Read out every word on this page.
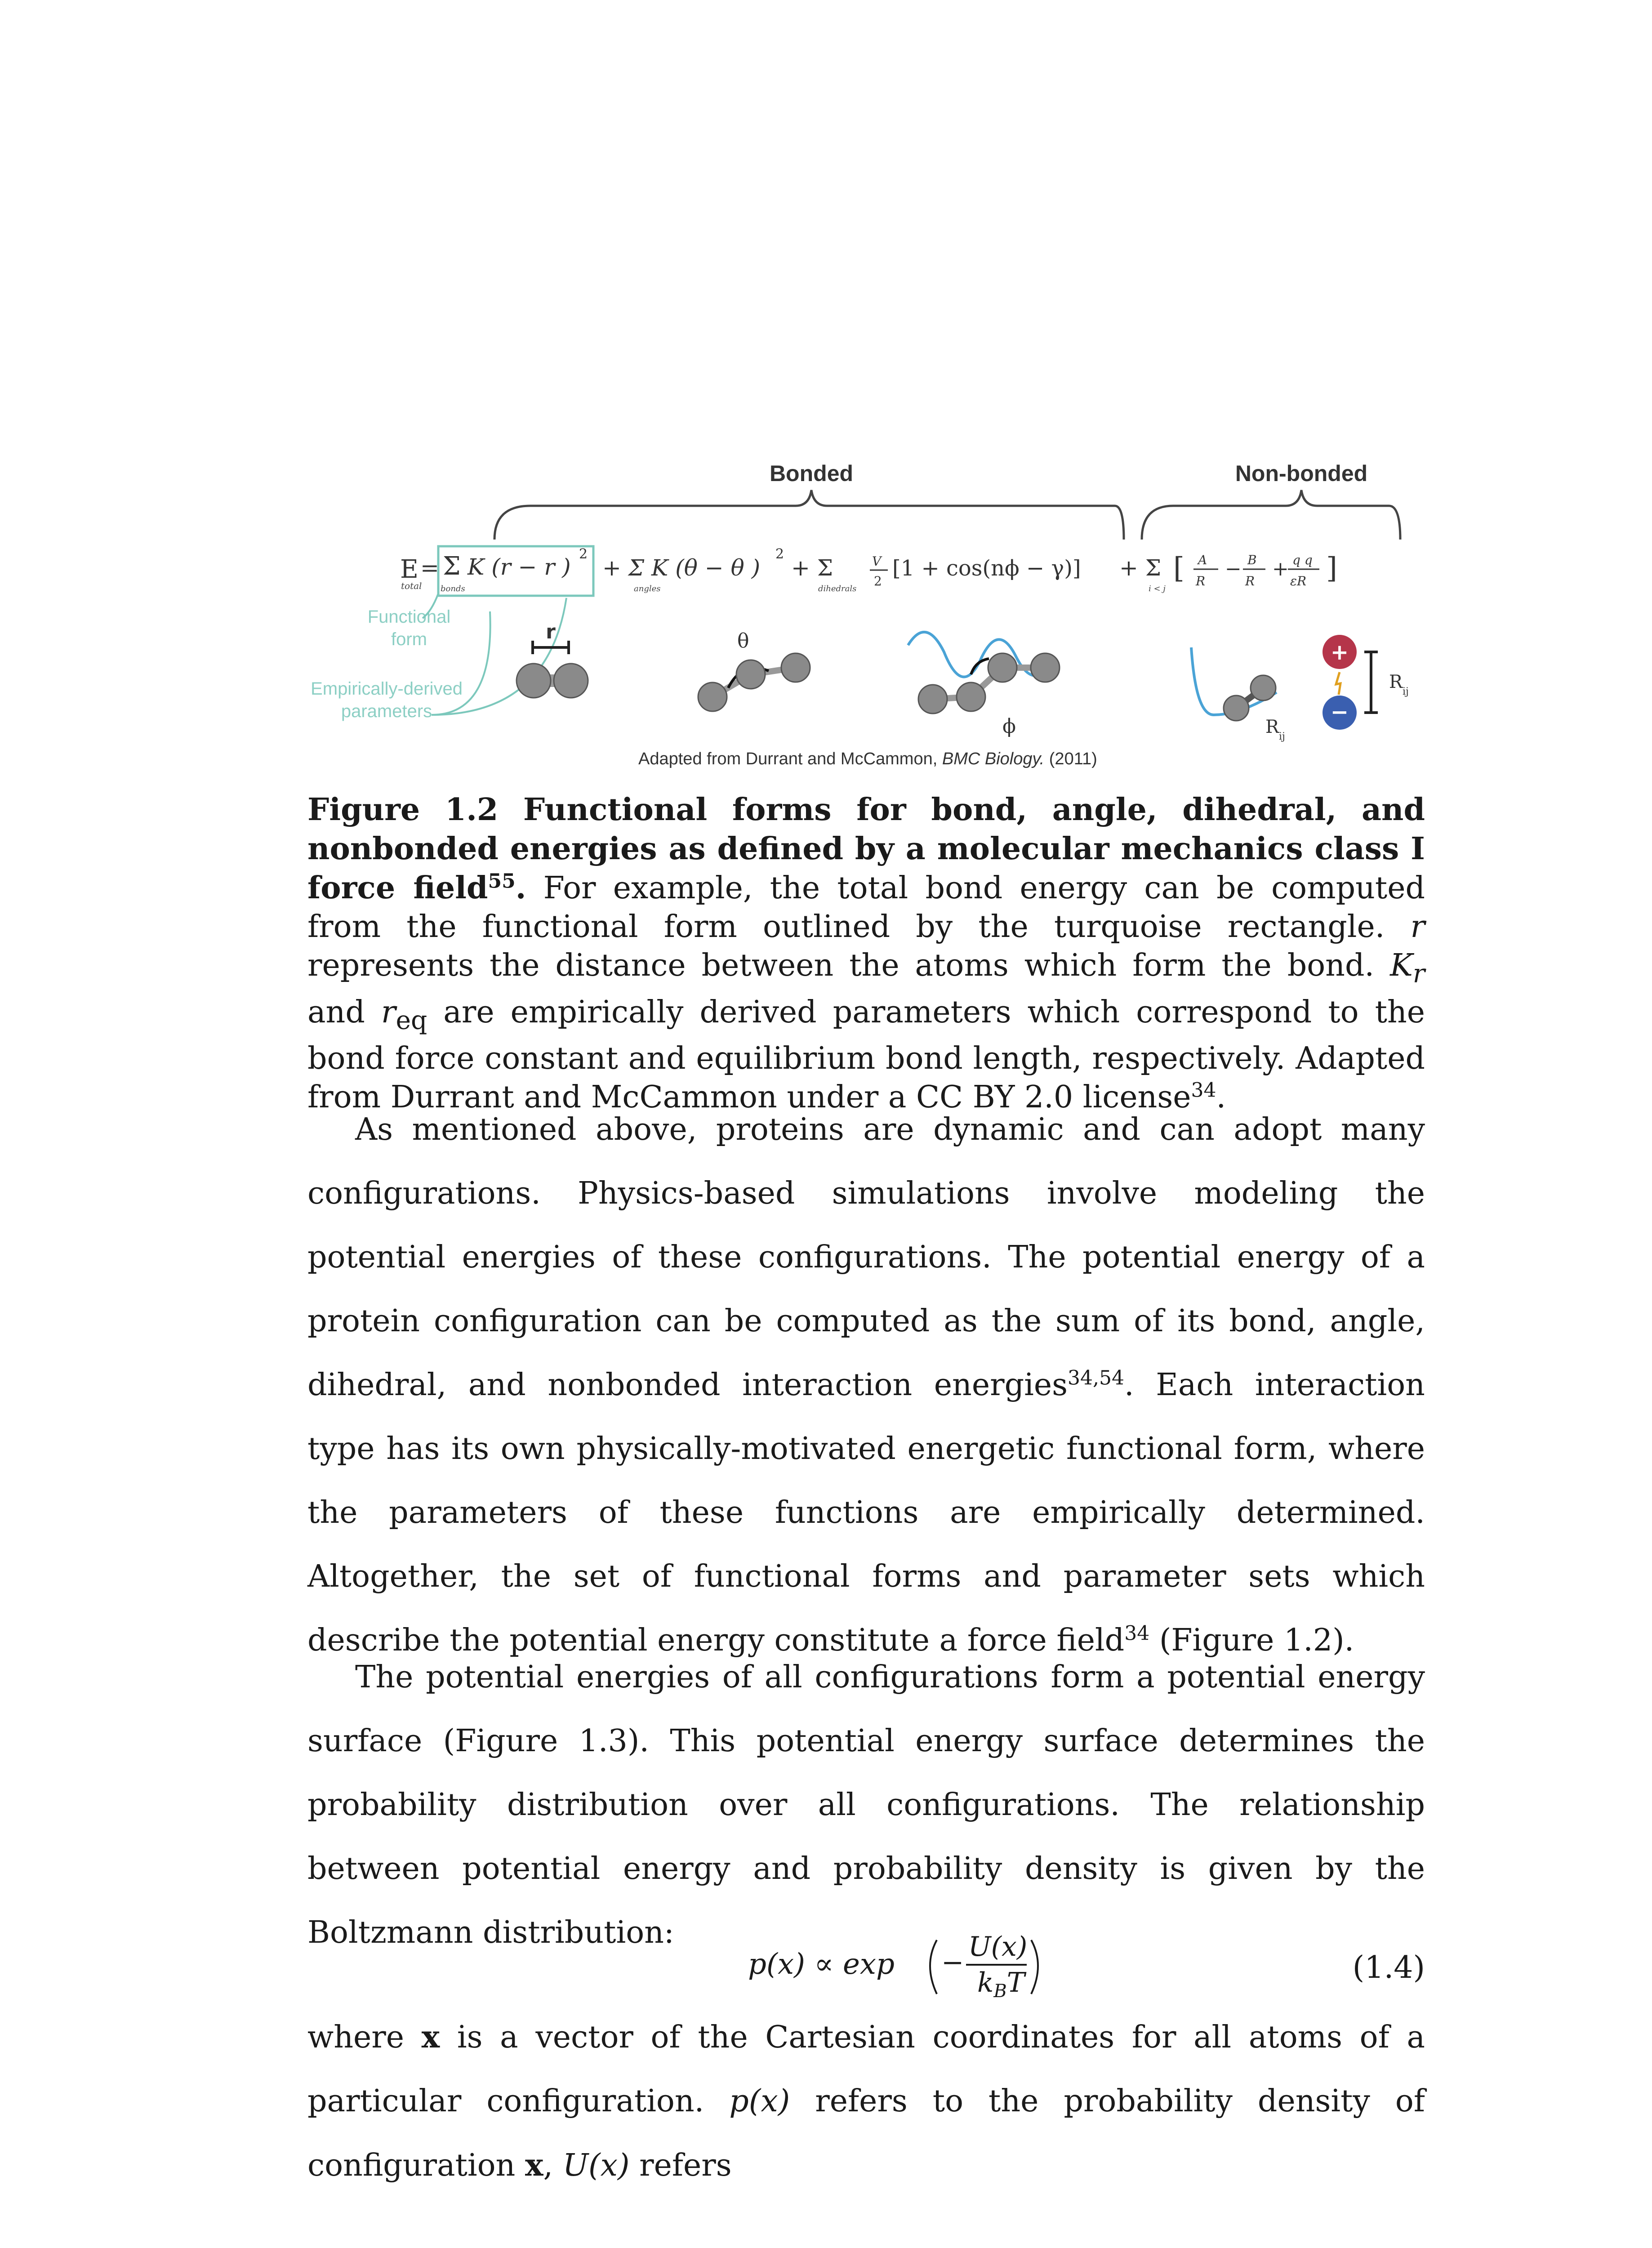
Bonded	Non-bonded
E
total
= Σ
bonds
K (r − r ) 2
+ Σ K (θ − θ )
angles
2
+ Σ
dihedrals
V
2
[1 + cos(nϕ − γ)] + Σ
i < j
[ A
R
− B
R
+ q q
εR ]
Functional
form
Empirically-derived
parameters
r	θ
ϕ	R ij
+
−
R ij
Adapted from Durrant and McCammon, BMC Biology. (2011)
Figure 1.2 Functional forms for bond, angle, dihedral, and nonbonded energies as defined by a molecular mechanics class I force field$^{55}$. For example, the total bond energy can be computed from the functional form outlined by the turquoise rectangle. r represents the distance between the atoms which form the bond. $K_r$ and $r_{eq}$ are empirically derived parameters which correspond to the bond force constant and equilibrium bond length, respectively. Adapted from Durrant and McCammon under a CC BY 2.0 license$^{34}$.
As mentioned above, proteins are dynamic and can adopt many configurations. Physics-based simulations involve modeling the potential energies of these configurations. The potential energy of a protein configuration can be computed as the sum of its bond, angle, dihedral, and nonbonded interaction energies$^{34,54}$. Each interaction type has its own physically-motivated energetic functional form, where the parameters of these functions are empirically determined. Altogether, the set of functional forms and parameter sets which describe the potential energy constitute a force field$^{34}$ (Figure 1.2).
The potential energies of all configurations form a potential energy surface (Figure 1.3). This potential energy surface determines the probability distribution over all configurations. The relationship between potential energy and probability density is given by the Boltzmann distribution:
p(x) ∝ exp − U(x)
$k_BT$	(1.4)
where x is a vector of the Cartesian coordinates for all atoms of a particular configuration. p(x) refers to the probability density of configuration x, U(x) refers
